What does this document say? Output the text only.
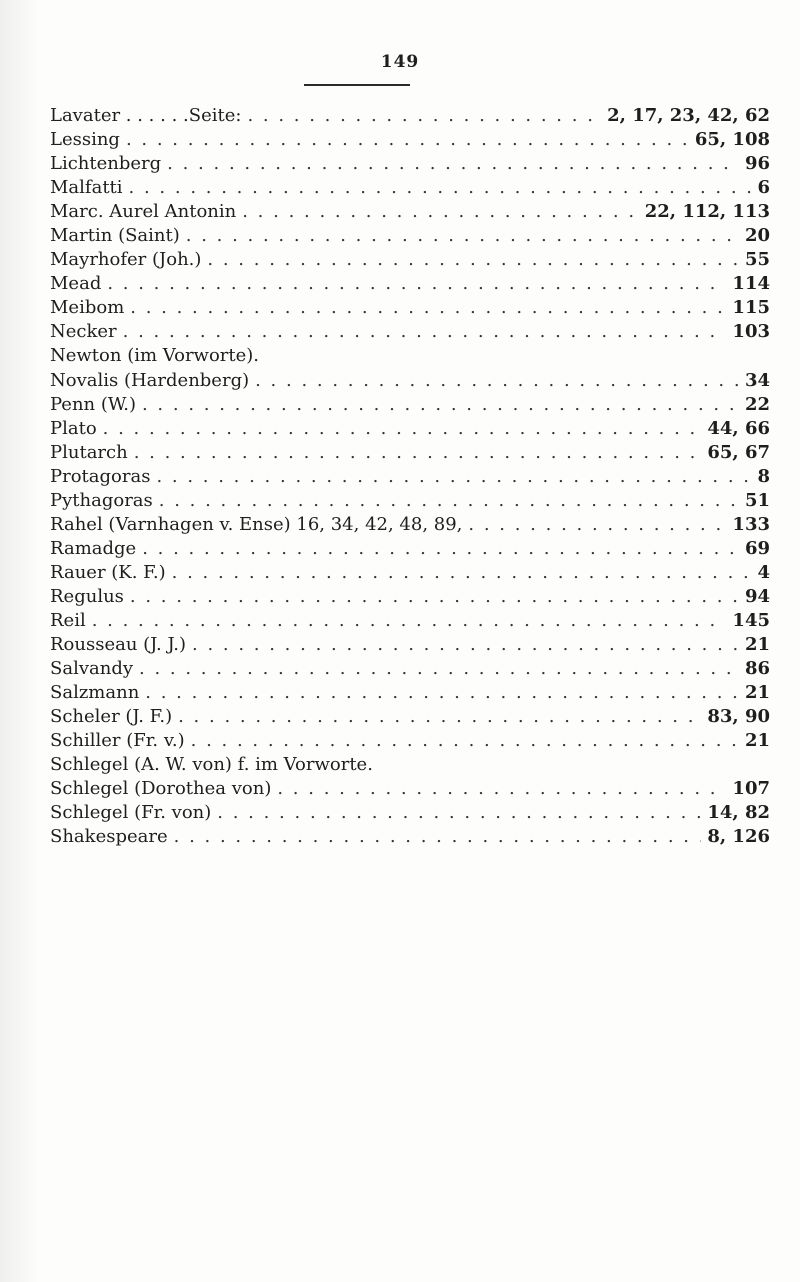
149
Lavater . . . . . .Seite: . . .	2, 17, 23, 42, 62
Lessing . . .	65, 108
Lichtenberg . . .	96
Malfatti . . .	6
Marc. Aurel Antonin . . .	22, 112, 113
Martin (Saint) . . .	20
Mayrhofer (Joh.) . . .	55
Mead . . .	114
Meibom . . .	115
Necker . . .	103
Newton (im Vorworte).
Novalis (Hardenberg) . . .	34
Penn (W.) . . .	22
Plato . . .	44, 66
Plutarch . . .	65, 67
Protagoras . . .	8
Pythagoras . . .	51
Rahel (Varnhagen v. Ense) 16, 34, 42, 48, 89, . . .	133
Ramadge . . .	69
Rauer (K. F.) . . .	4
Regulus . . .	94
Reil . . .	145
Rousseau (J. J.) . . .	21
Salvandy . . .	86
Salzmann . . .	21
Scheler (J. F.) . . .	83, 90
Schiller (Fr. v.) . . .	21
Schlegel (A. W. von) f. im Vorworte.
Schlegel (Dorothea von) . . .	107
Schlegel (Fr. von) . . .	14, 82
Shakespeare . . .	8, 126
